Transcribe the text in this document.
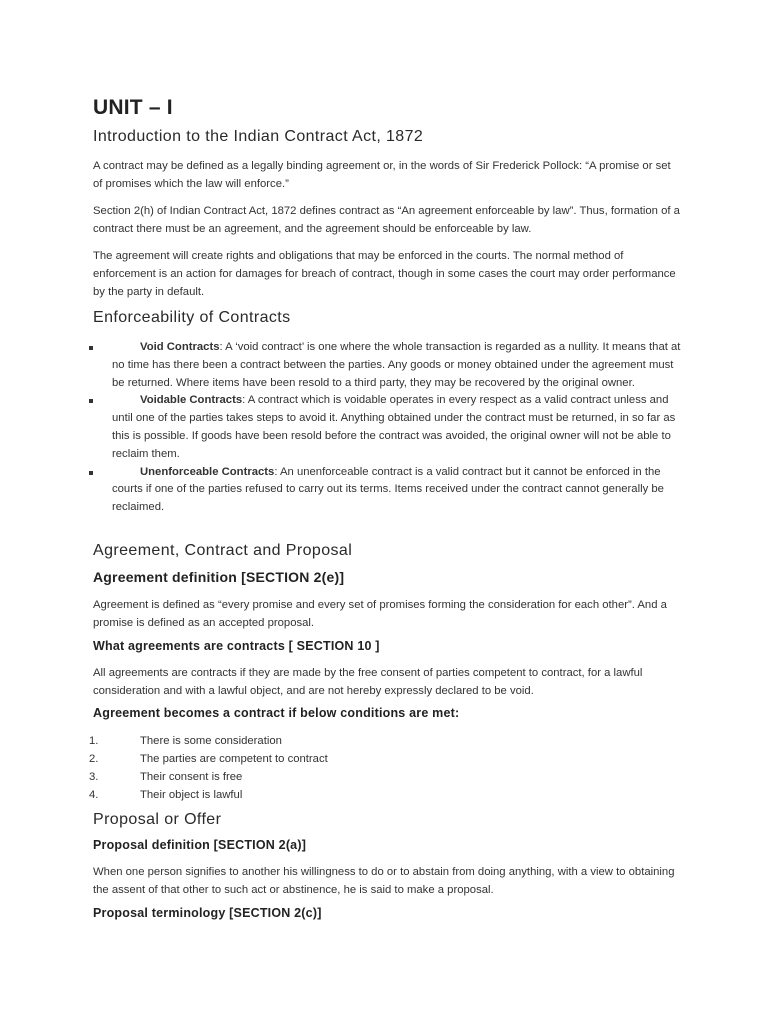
UNIT – I
Introduction to the Indian Contract Act, 1872

A contract may be defined as a legally binding agreement or, in the words of Sir Frederick Pollock: “A promise or set of promises which the law will enforce.”

Section 2(h) of Indian Contract Act, 1872 defines contract as “An agreement enforceable by law”. Thus, formation of a contract there must be an agreement, and the agreement should be enforceable by law.

The agreement will create rights and obligations that may be enforced in the courts. The normal method of enforcement is an action for damages for breach of contract, though in some cases the court may order performance by the party in default.

Enforceability of Contracts
Void Contracts: A ‘void contract’ is one where the whole transaction is regarded as a nullity. It means that at no time has there been a contract between the parties. Any goods or money obtained under the agreement must be returned. Where items have been resold to a third party, they may be recovered by the original owner.
Voidable Contracts: A contract which is voidable operates in every respect as a valid contract unless and until one of the parties takes steps to avoid it. Anything obtained under the contract must be returned, in so far as this is possible. If goods have been resold before the contract was avoided, the original owner will not be able to reclaim them.
Unenforceable Contracts: An unenforceable contract is a valid contract but it cannot be enforced in the courts if one of the parties refused to carry out its terms. Items received under the contract cannot generally be reclaimed.
Agreement, Contract and Proposal
Agreement definition [SECTION 2(e)]

Agreement is defined as “every promise and every set of promises forming the consideration for each other”. And a promise is defined as an accepted proposal.

What agreements are contracts [ SECTION 10 ]

All agreements are contracts if they are made by the free consent of parties competent to contract, for a lawful consideration and with a lawful object, and are not hereby expressly declared to be void.

Agreement becomes a contract if below conditions are met:
1.	There is some consideration
2.	The parties are competent to contract
3.	Their consent is free
4.	Their object is lawful
Proposal or Offer
Proposal definition [SECTION 2(a)]

When one person signifies to another his willingness to do or to abstain from doing anything, with a view to obtaining the assent of that other to such act or abstinence, he is said to make a proposal.

Proposal terminology [SECTION 2(c)]
